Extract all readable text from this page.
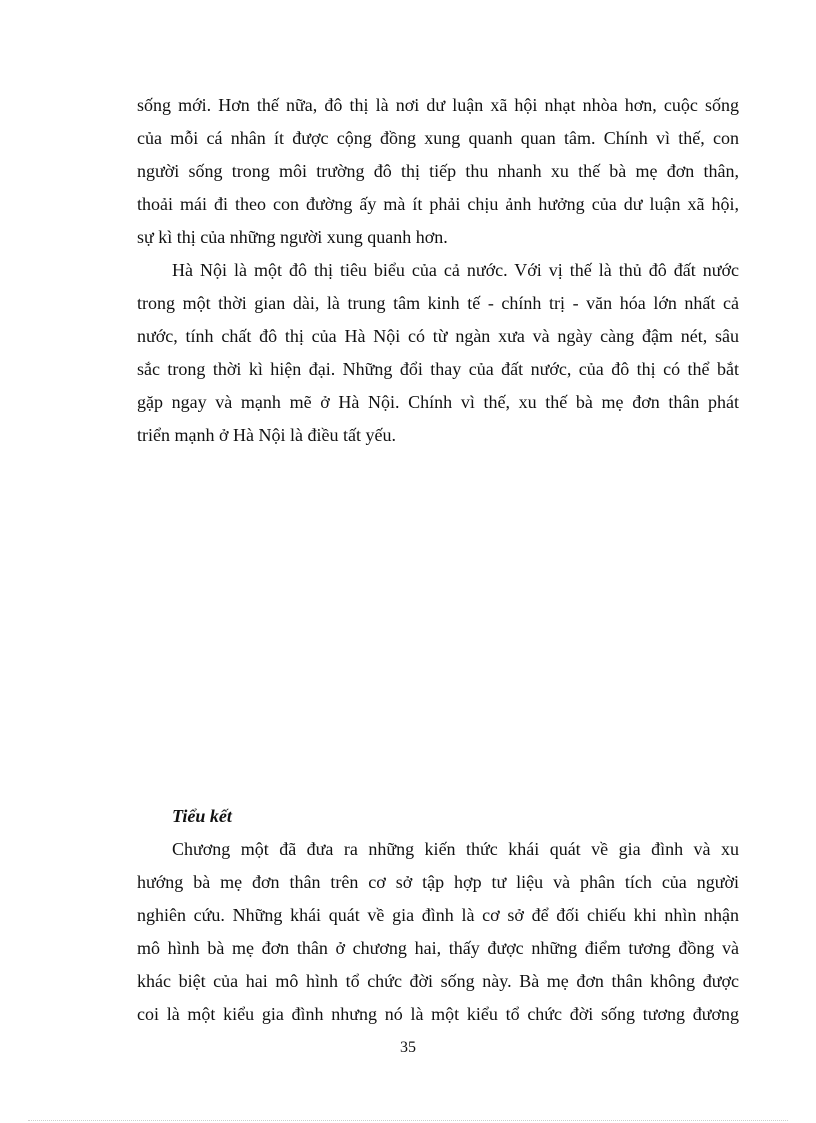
sống mới. Hơn thế nữa, đô thị là nơi dư luận xã hội nhạt nhòa hơn, cuộc sống
của mỗi cá nhân ít được cộng đồng xung quanh quan tâm. Chính vì thế, con
người sống trong môi trường đô thị tiếp thu nhanh xu thế bà mẹ đơn thân,
thoải mái đi theo con đường ấy mà ít phải chịu ảnh hưởng của dư luận xã hội,
sự kì thị của những người xung quanh hơn.
Hà Nội là một đô thị tiêu biểu của cả nước. Với vị thế là thủ đô đất nước
trong một thời gian dài, là trung tâm kinh tế - chính trị - văn hóa lớn nhất cả
nước, tính chất đô thị của Hà Nội có từ ngàn xưa và ngày càng đậm nét, sâu
sắc trong thời kì hiện đại. Những đổi thay của đất nước, của đô thị có thể bắt
gặp ngay và mạnh mẽ ở Hà Nội. Chính vì thế, xu thế bà mẹ đơn thân phát
triển mạnh ở Hà Nội là điều tất yếu.
Tiểu kết
Chương một đã đưa ra những kiến thức khái quát về gia đình và xu
hướng bà mẹ đơn thân trên cơ sở tập hợp tư liệu và phân tích của người
nghiên cứu. Những khái quát về gia đình là cơ sở để đối chiếu khi nhìn nhận
mô hình bà mẹ đơn thân ở chương hai, thấy được những điểm tương đồng và
khác biệt của hai mô hình tổ chức đời sống này. Bà mẹ đơn thân không được
coi là một kiểu gia đình nhưng nó là một kiểu tổ chức đời sống tương đương
35
